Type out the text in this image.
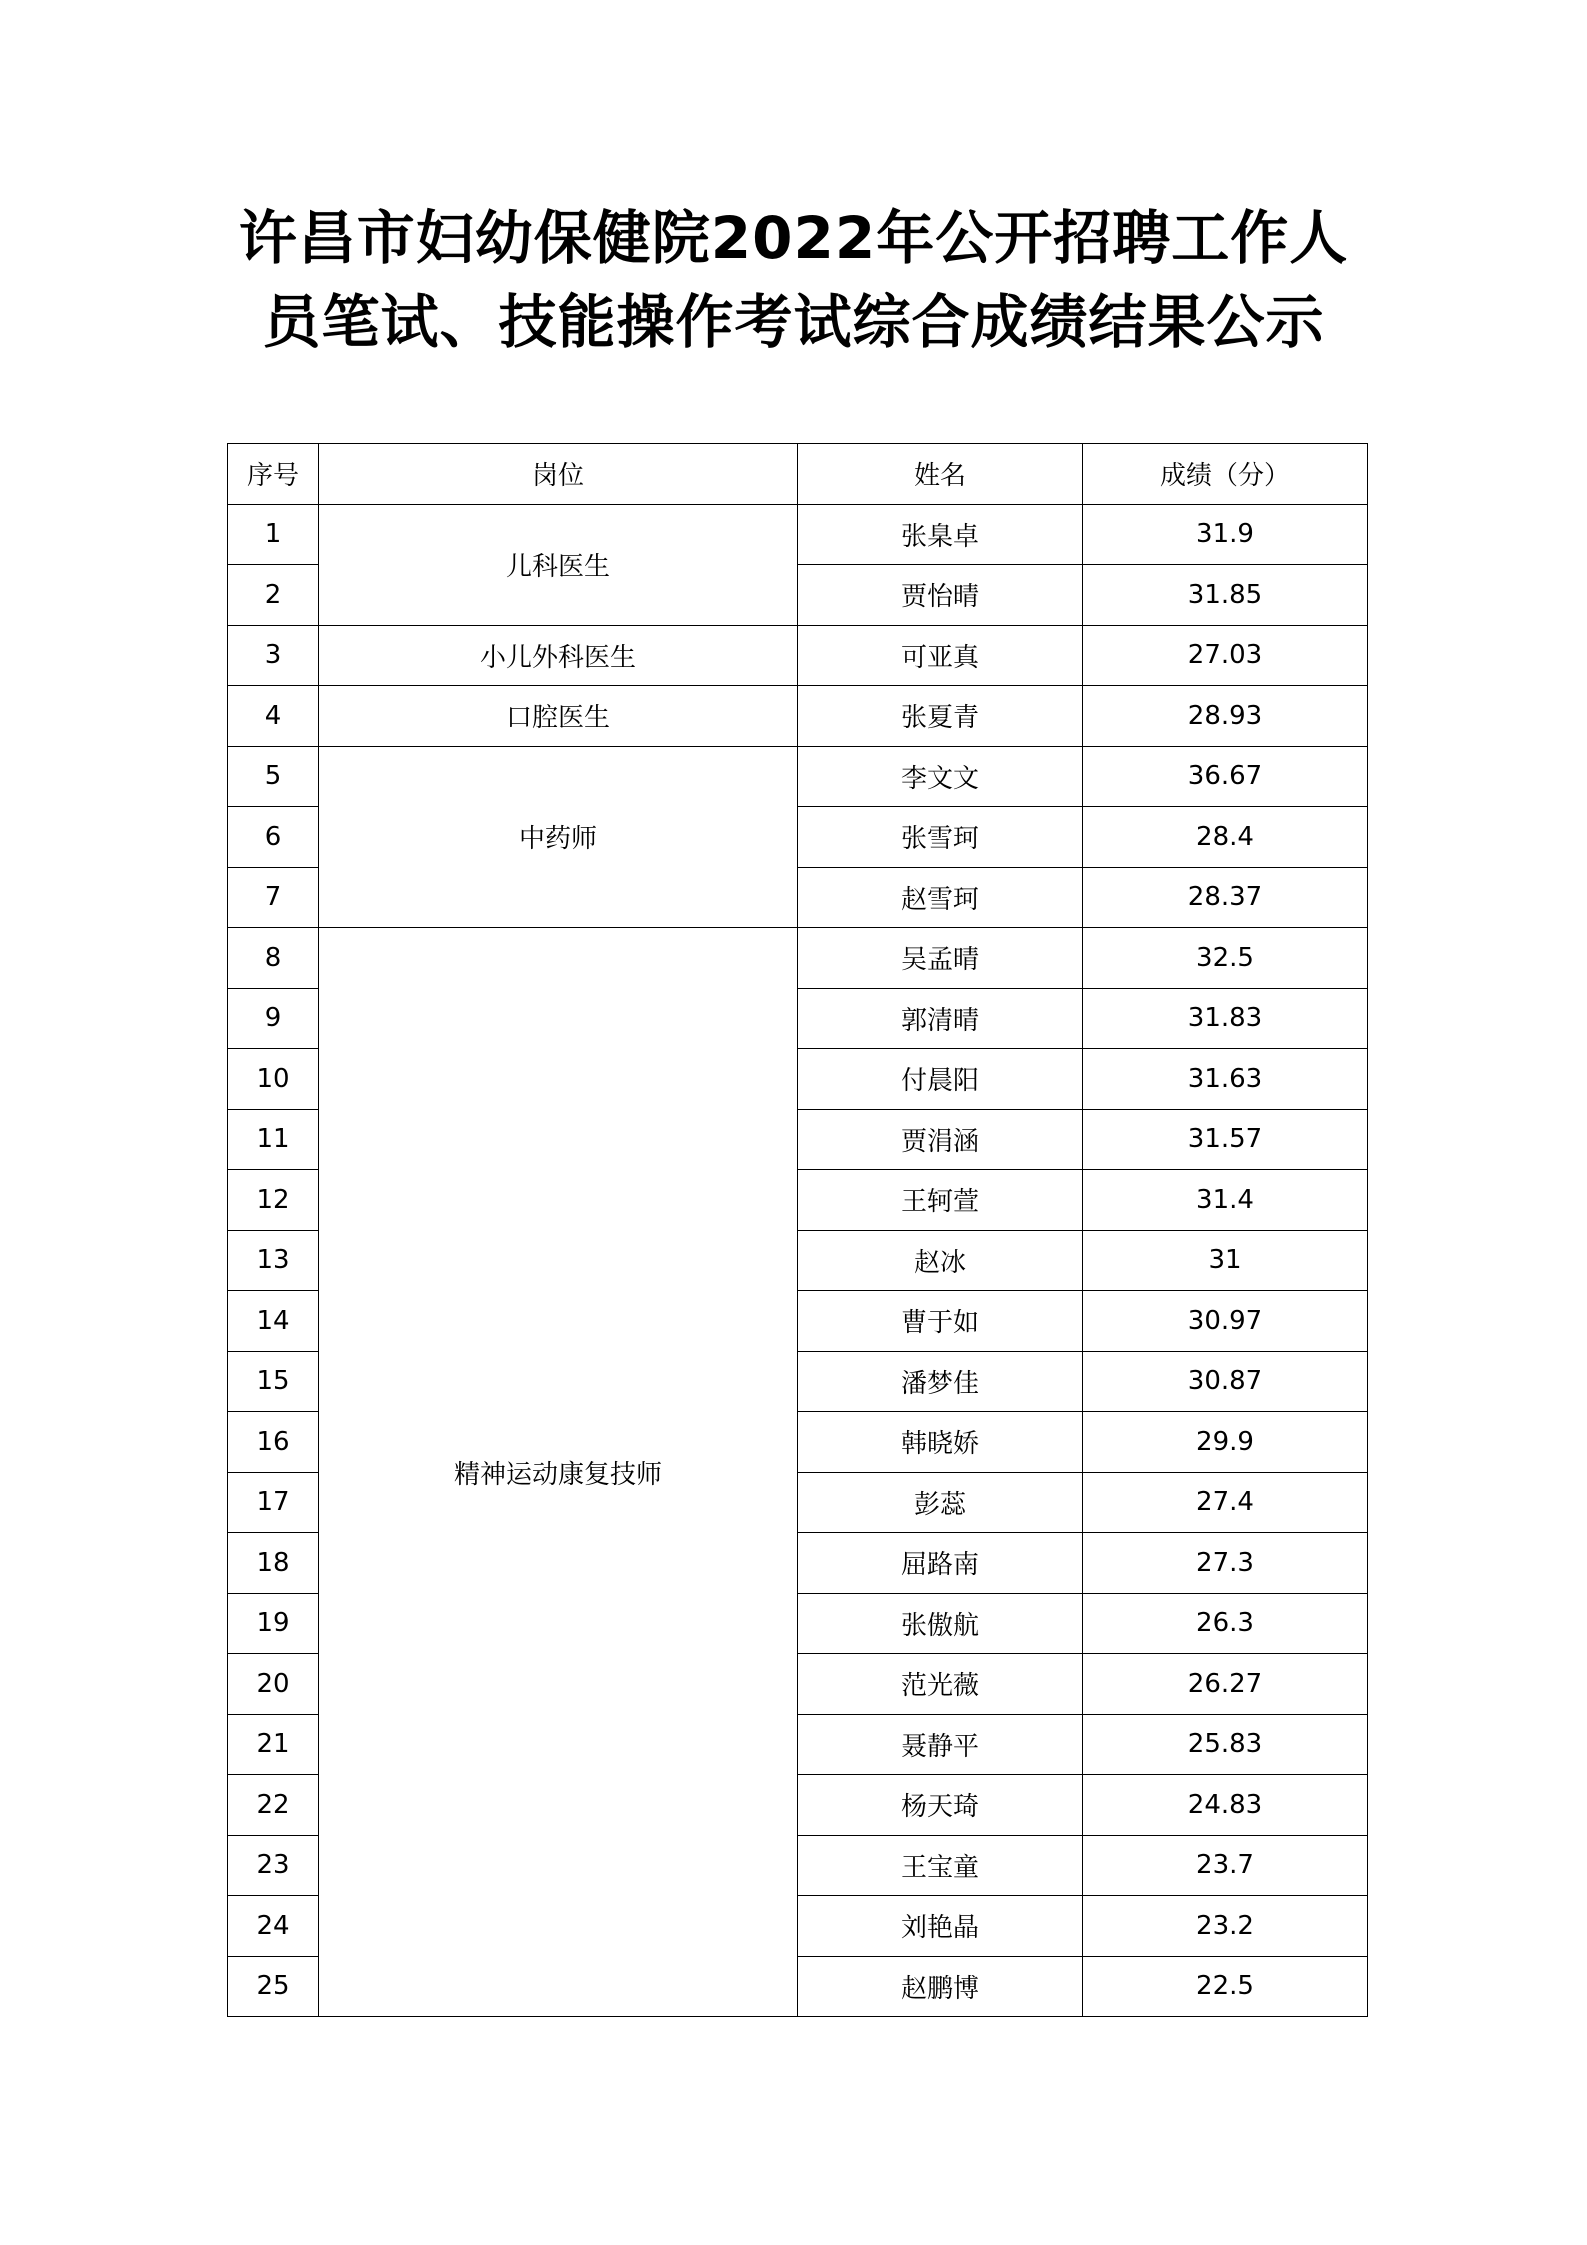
许昌市妇幼保健院2022年公开招聘工作人
员笔试、技能操作考试综合成绩结果公示
序号	岗位	姓名	成绩（分）
1	儿科医生	张臬卓	31.9
2		贾怡晴	31.85
3	小儿外科医生	可亚真	27.03
4	口腔医生	张夏青	28.93
5	中药师	李文文	36.67
6		张雪珂	28.4
7		赵雪珂	28.37
8	精神运动康复技师	吴孟晴	32.5
9		郭清晴	31.83
10		付晨阳	31.63
11		贾涓涵	31.57
12		王轲萱	31.4
13		赵冰	31
14		曹于如	30.97
15		潘梦佳	30.87
16		韩晓娇	29.9
17		彭蕊	27.4
18		屈路南	27.3
19		张傲航	26.3
20		范光薇	26.27
21		聂静平	25.83
22		杨天琦	24.83
23		王宝童	23.7
24		刘艳晶	23.2
25		赵鹏博	22.5
